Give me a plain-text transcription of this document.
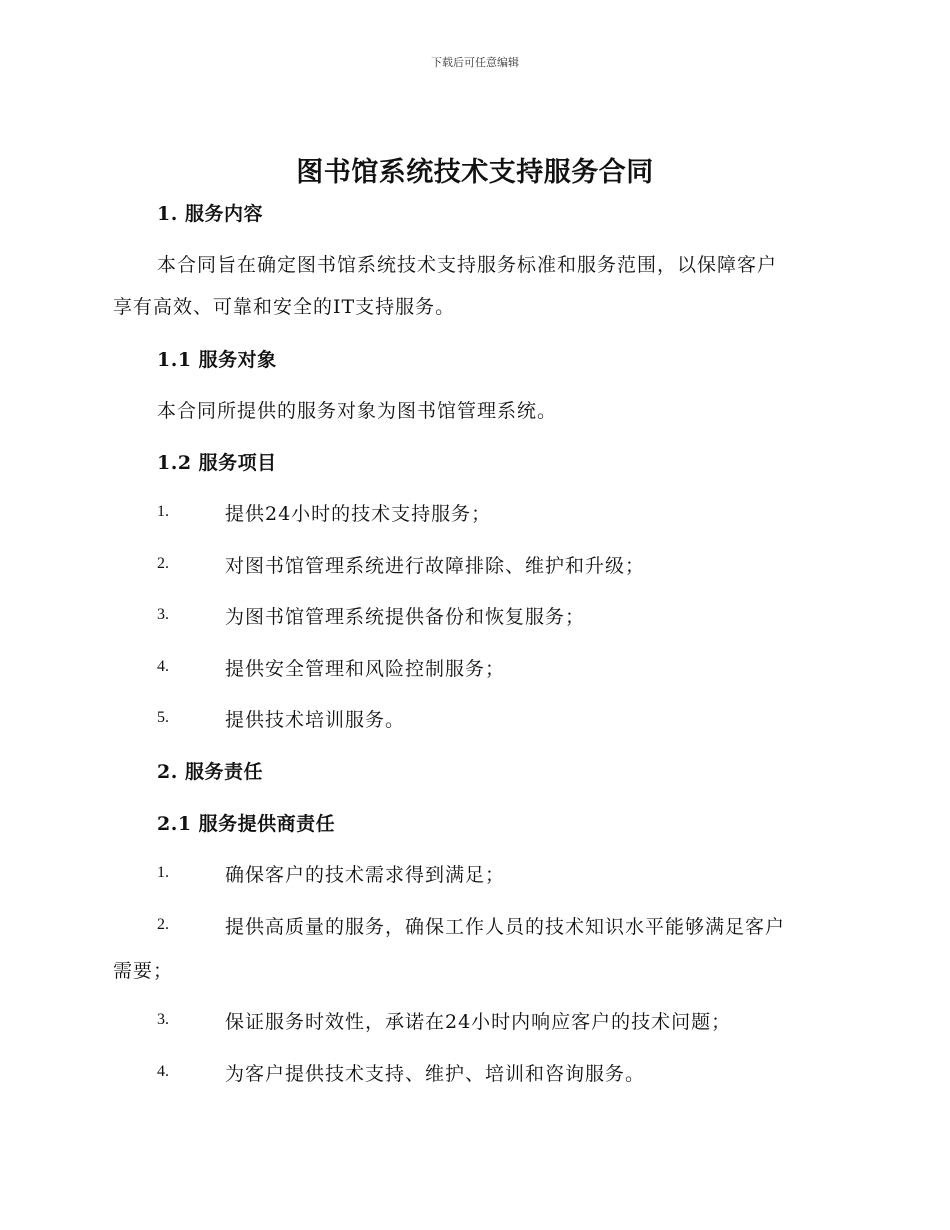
下载后可任意编辑
图书馆系统技术支持服务合同
1. 服务内容
本合同旨在确定图书馆系统技术支持服务标准和服务范围，以保障客户
享有高效、可靠和安全的IT支持服务。
1.1 服务对象
本合同所提供的服务对象为图书馆管理系统。
1.2 服务项目
1.	提供24小时的技术支持服务；
2.	对图书馆管理系统进行故障排除、维护和升级；
3.	为图书馆管理系统提供备份和恢复服务；
4.	提供安全管理和风险控制服务；
5.	提供技术培训服务。
2. 服务责任
2.1 服务提供商责任
1.	确保客户的技术需求得到满足；
2.	提供高质量的服务，确保工作人员的技术知识水平能够满足客户
需要；
3.	保证服务时效性，承诺在24小时内响应客户的技术问题；
4.	为客户提供技术支持、维护、培训和咨询服务。
